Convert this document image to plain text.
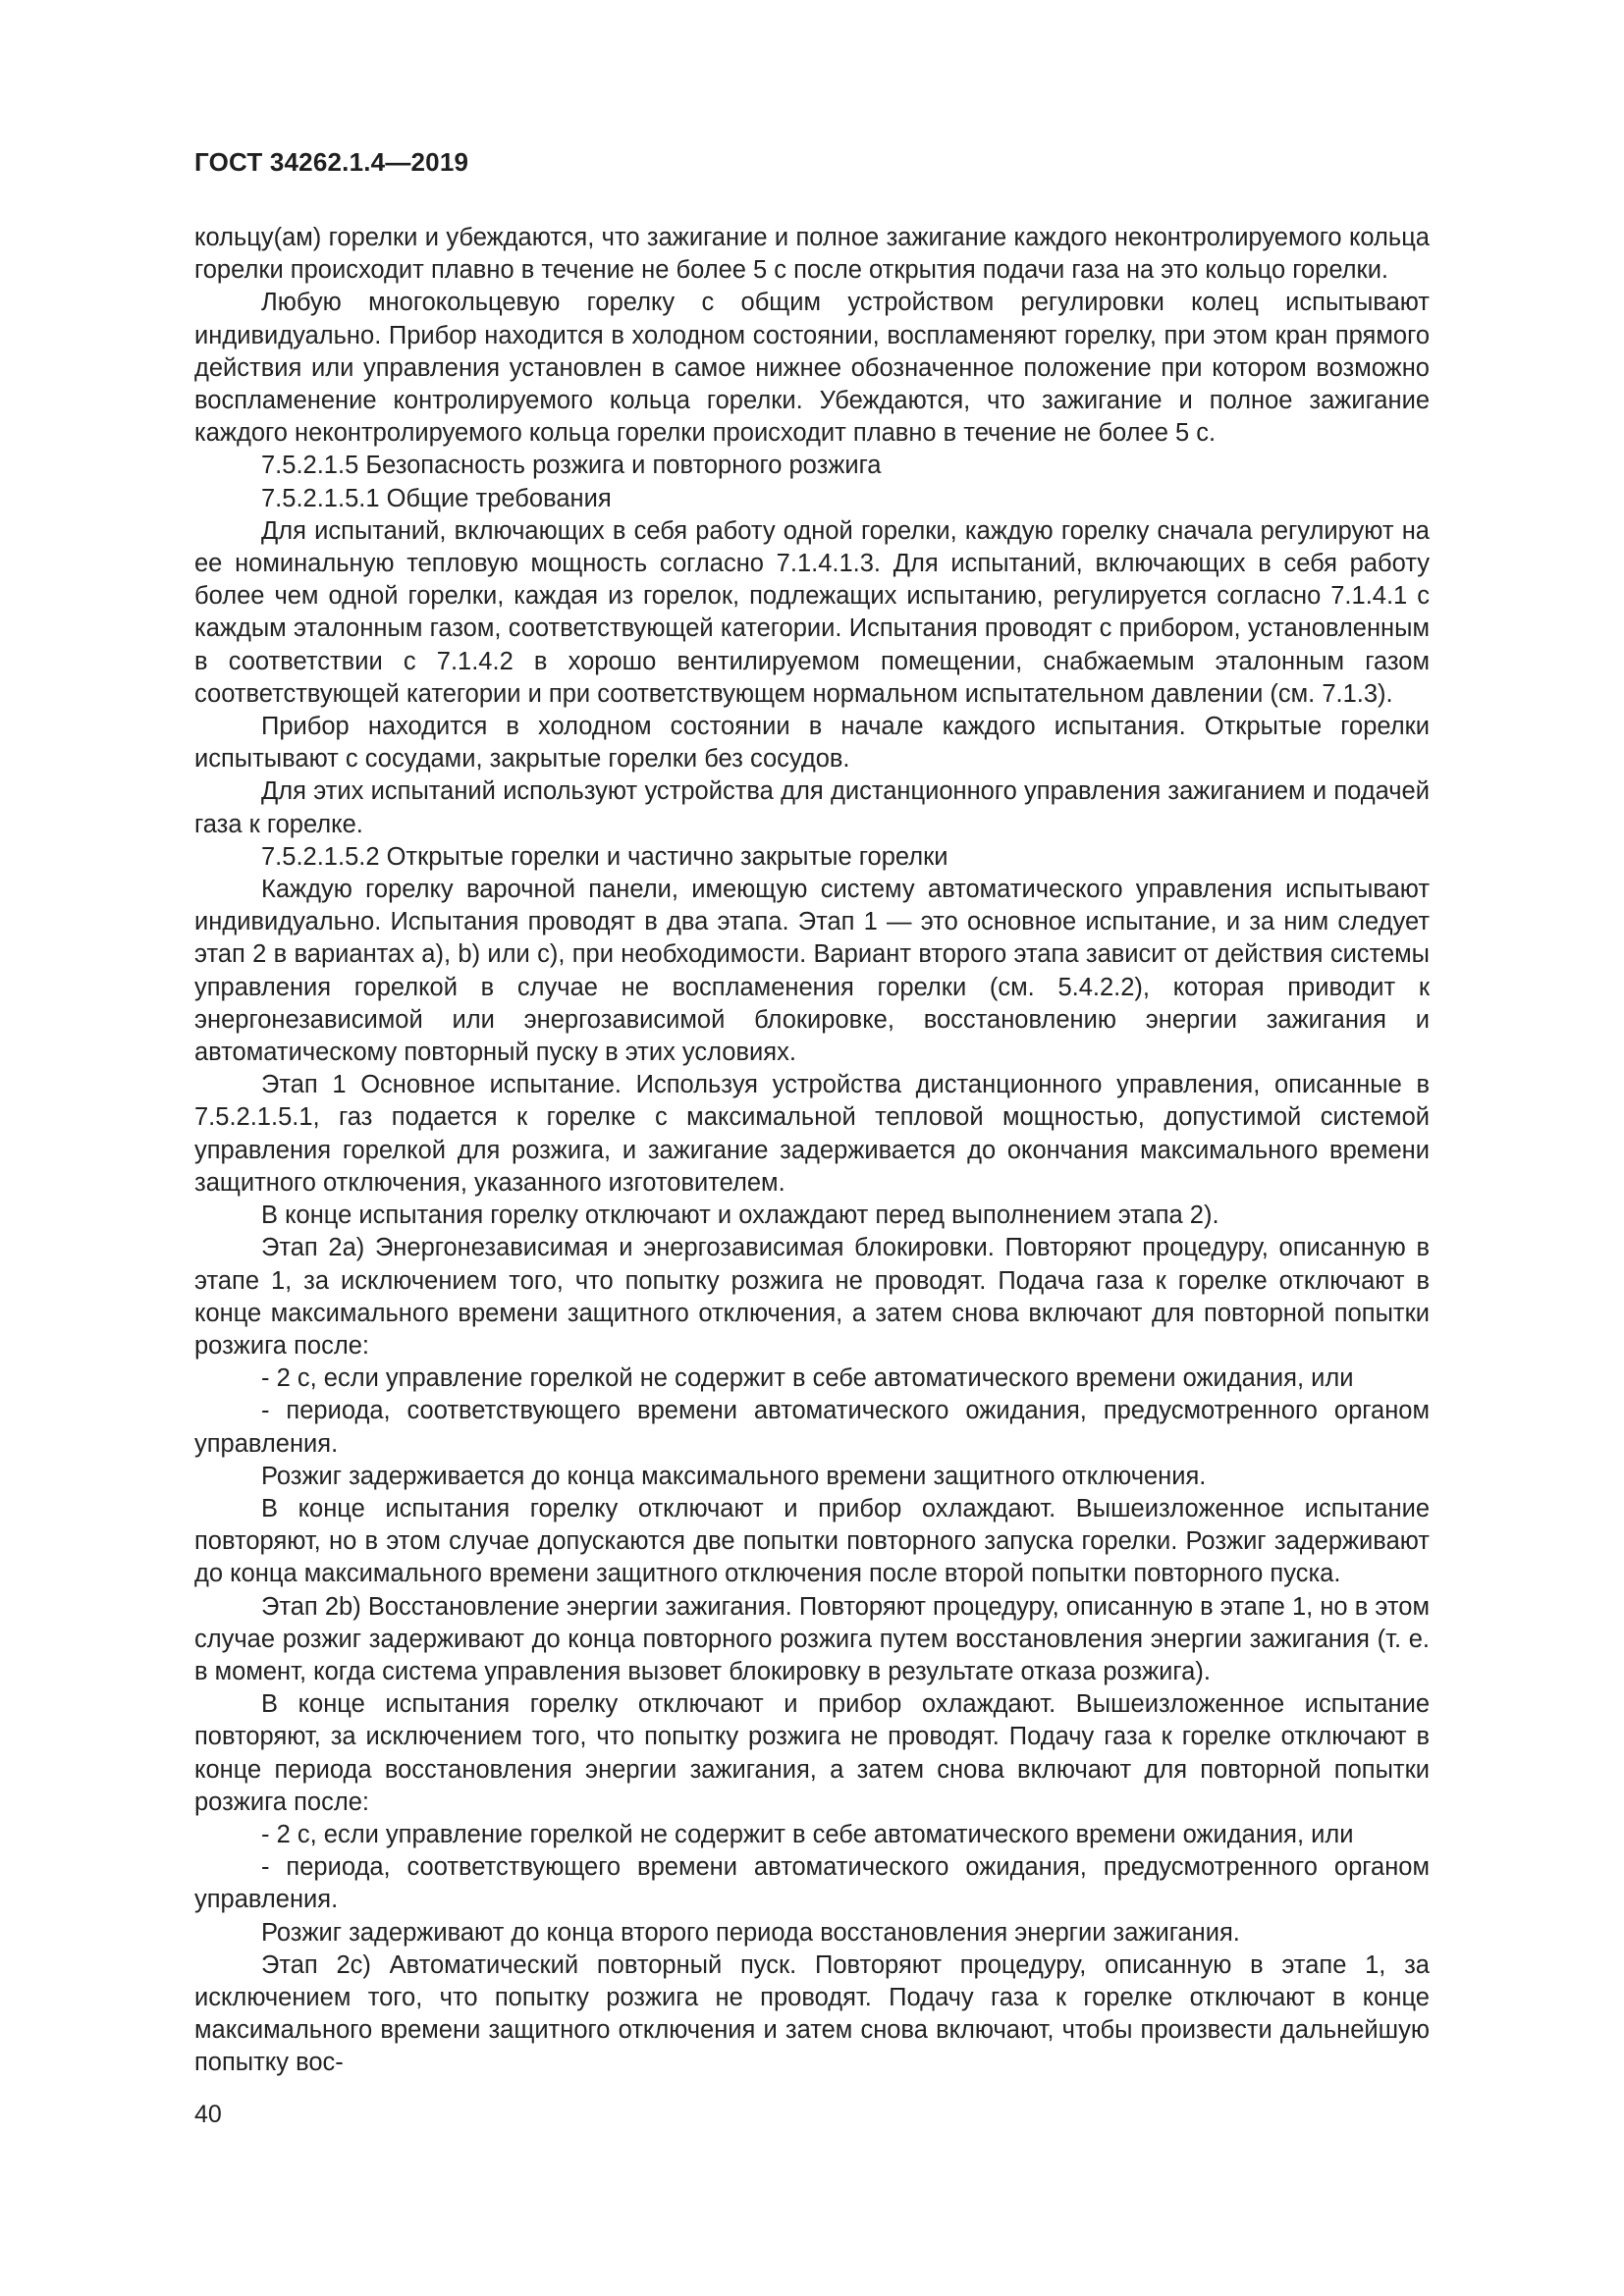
ГОСТ 34262.1.4—2019

кольцу(ам) горелки и убеждаются, что зажигание и полное зажигание каждого неконтролируемого кольца горелки происходит плавно в течение не более 5 с после открытия подачи газа на это кольцо горелки.

Любую многокольцевую горелку с общим устройством регулировки колец испытывают индивидуально. Прибор находится в холодном состоянии, воспламеняют горелку, при этом кран прямого действия или управления установлен в самое нижнее обозначенное положение при котором возможно воспламенение контролируемого кольца горелки. Убеждаются, что зажигание и полное зажигание каждого неконтролируемого кольца горелки происходит плавно в течение не более 5 с.

7.5.2.1.5 Безопасность розжига и повторного розжига

7.5.2.1.5.1 Общие требования

Для испытаний, включающих в себя работу одной горелки, каждую горелку сначала регулируют на ее номинальную тепловую мощность согласно 7.1.4.1.3. Для испытаний, включающих в себя работу более чем одной горелки, каждая из горелок, подлежащих испытанию, регулируется согласно 7.1.4.1 с каждым эталонным газом, соответствующей категории. Испытания проводят с прибором, установленным в соответствии с 7.1.4.2 в хорошо вентилируемом помещении, снабжаемым эталонным газом соответствующей категории и при соответствующем нормальном испытательном давлении (см. 7.1.3).

Прибор находится в холодном состоянии в начале каждого испытания. Открытые горелки испытывают с сосудами, закрытые горелки без сосудов.

Для этих испытаний используют устройства для дистанционного управления зажиганием и подачей газа к горелке.

7.5.2.1.5.2 Открытые горелки и частично закрытые горелки

Каждую горелку варочной панели, имеющую систему автоматического управления испытывают индивидуально. Испытания проводят в два этапа. Этап 1 — это основное испытание, и за ним следует этап 2 в вариантах a), b) или c), при необходимости. Вариант второго этапа зависит от действия системы управления горелкой в случае не воспламенения горелки (см. 5.4.2.2), которая приводит к энергонезависимой или энергозависимой блокировке, восстановлению энергии зажигания и автоматическому повторный пуску в этих условиях.

Этап 1 Основное испытание. Используя устройства дистанционного управления, описанные в 7.5.2.1.5.1, газ подается к горелке с максимальной тепловой мощностью, допустимой системой управления горелкой для розжига, и зажигание задерживается до окончания максимального времени защитного отключения, указанного изготовителем.

В конце испытания горелку отключают и охлаждают перед выполнением этапа 2).

Этап 2a) Энергонезависимая и энергозависимая блокировки. Повторяют процедуру, описанную в этапе 1, за исключением того, что попытку розжига не проводят. Подача газа к горелке отключают в конце максимального времени защитного отключения, а затем снова включают для повторной попытки розжига после:

- 2 с, если управление горелкой не содержит в себе автоматического времени ожидания, или

- периода, соответствующего времени автоматического ожидания, предусмотренного органом управления.

Розжиг задерживается до конца максимального времени защитного отключения.

В конце испытания горелку отключают и прибор охлаждают. Вышеизложенное испытание повторяют, но в этом случае допускаются две попытки повторного запуска горелки. Розжиг задерживают до конца максимального времени защитного отключения после второй попытки повторного пуска.

Этап 2b) Восстановление энергии зажигания. Повторяют процедуру, описанную в этапе 1, но в этом случае розжиг задерживают до конца повторного розжига путем восстановления энергии зажигания (т. е. в момент, когда система управления вызовет блокировку в результате отказа розжига).

В конце испытания горелку отключают и прибор охлаждают. Вышеизложенное испытание повторяют, за исключением того, что попытку розжига не проводят. Подачу газа к горелке отключают в конце периода восстановления энергии зажигания, а затем снова включают для повторной попытки розжига после:

- 2 с, если управление горелкой не содержит в себе автоматического времени ожидания, или

- периода, соответствующего времени автоматического ожидания, предусмотренного органом управления.

Розжиг задерживают до конца второго периода восстановления энергии зажигания.

Этап 2c) Автоматический повторный пуск. Повторяют процедуру, описанную в этапе 1, за исключением того, что попытку розжига не проводят. Подачу газа к горелке отключают в конце максимального времени защитного отключения и затем снова включают, чтобы произвести дальнейшую попытку вос-

40
